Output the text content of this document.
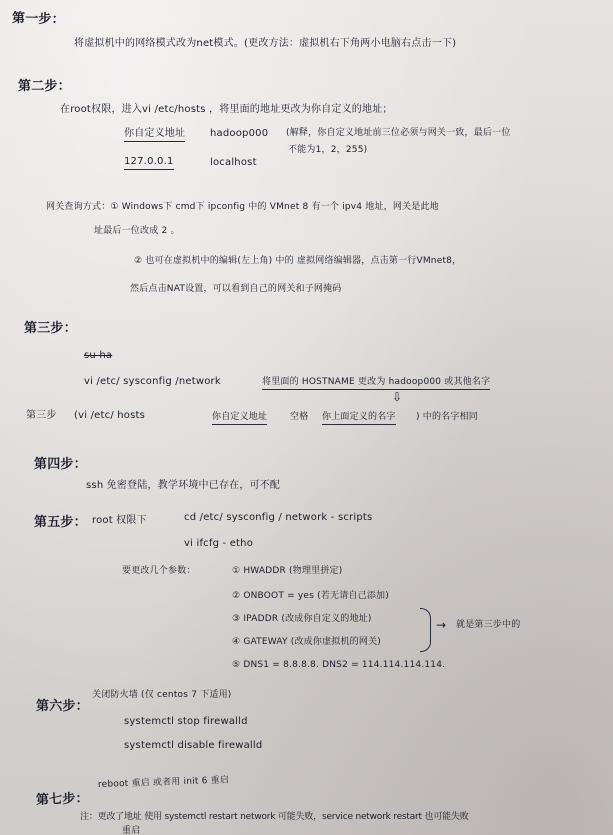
第一步：
将虚拟机中的网络模式改为net模式。(更改方法：虚拟机右下角两小电脑右点击一下)
第二步：
在root权限，进入vi /etc/hosts ，将里面的地址更改为你自定义的地址；
你自定义地址 hadoop000 (解释，你自定义地址前三位必须与网关一致，最后一位
不能为1，2，255)
127.0.0.1	localhost
网关查询方式：① Windows下 cmd下 ipconfig 中的 VMnet 8 有一个 ipv4 地址，网关是此地
址最后一位改成 2 。
② 也可在虚拟机中的编辑(左上角) 中的 虚拟网络编辑器，点击第一行VMnet8，
然后点击NAT设置，可以看到自己的网关和子网掩码
第三步：
su ha
vi /etc/ sysconfig /network	将里面的 HOSTNAME 更改为 hadoop000 或其他名字
⇩
第三步 (vi /etc/ hosts	你自定义地址	空格 你上面定义的名字 ) 中的名字相同
第四步：
ssh 免密登陆，教学环境中已存在，可不配
第五步： root 权限下	cd /etc/ sysconfig / network - scripts
vi ifcfg - etho
要更改几个参数：	① HWADDR (物理里拼定)
② ONBOOT = yes (若无请自己添加)
③ IPADDR (改成你自定义的地址)
④ GATEWAY (改成你虚拟机的网关)
⑤ DNS1 = 8.8.8.8. DNS2 = 114.114.114.114.
→ 就是第三步中的
第六步：
关闭防火墙 (仅 centos 7 下适用)
systemctl stop firewalld
systemctl disable firewalld
第七步：
reboot 重启 或者用 init 6 重启
注：更改了地址 使用 systemctl restart network 可能失败，service network restart 也可能失败
重启
